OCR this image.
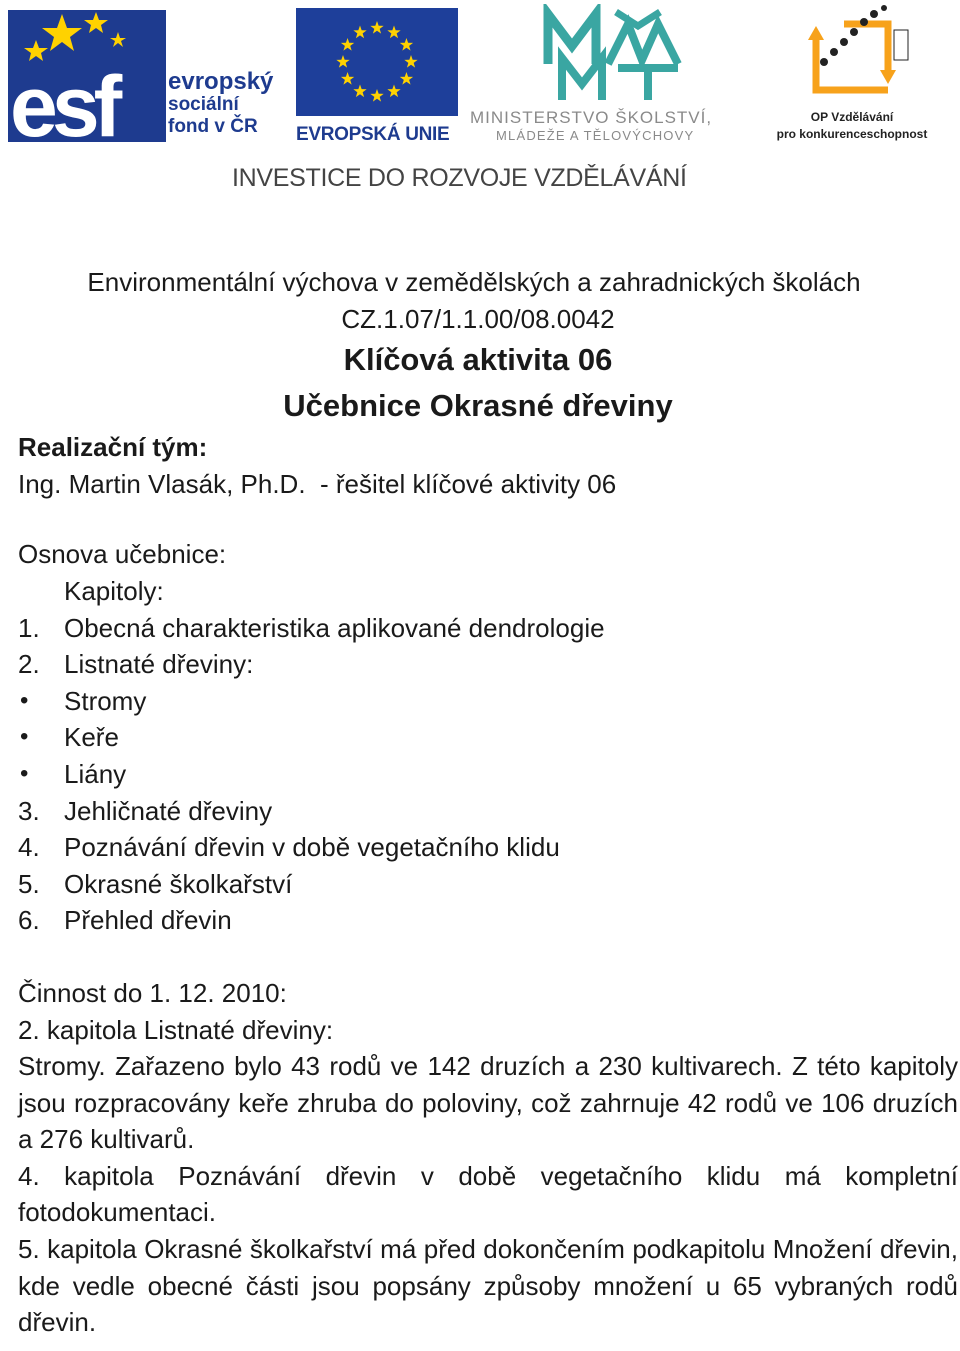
esf evropský
sociální
fond v ČR	EVROPSKÁ UNIE
MINISTERSTVO ŠKOLSTVÍ,
MLÁDEŽE A TĚLOVÝCHOVY
OP Vzdělávání
pro konkurenceschopnost
INVESTICE DO ROZVOJE VZDĚLÁVÁNÍ
Environmentální výchova v zemědělských a zahradnických školách
CZ.1.07/1.1.00/08.0042
Klíčová aktivita 06
Učebnice Okrasné dřeviny
Realizační tým:
Ing. Martin Vlasák, Ph.D.  - řešitel klíčové aktivity 06
Osnova učebnice:
Kapitoly:
1. Obecná charakteristika aplikované dendrologie
2. Listnaté dřeviny:
•	Stromy
•	Keře
•	Liány
3. Jehličnaté dřeviny
4. Poznávání dřevin v době vegetačního klidu
5. Okrasné školkařství
6. Přehled dřevin
Činnost do 1. 12. 2010:
2. kapitola Listnaté dřeviny:
Stromy. Zařazeno bylo 43 rodů ve 142 druzích a 230 kultivarech. Z této kapitoly jsou rozpracovány keře zhruba do poloviny, což zahrnuje 42 rodů ve 106 druzích a 276 kultivarů.
4. kapitola Poznávání dřevin v době vegetačního klidu má kompletní fotodokumentaci.
5. kapitola Okrasné školkařství má před dokončením podkapitolu Množení dřevin, kde vedle obecné části jsou popsány způsoby množení u 65 vybraných rodů dřevin.
